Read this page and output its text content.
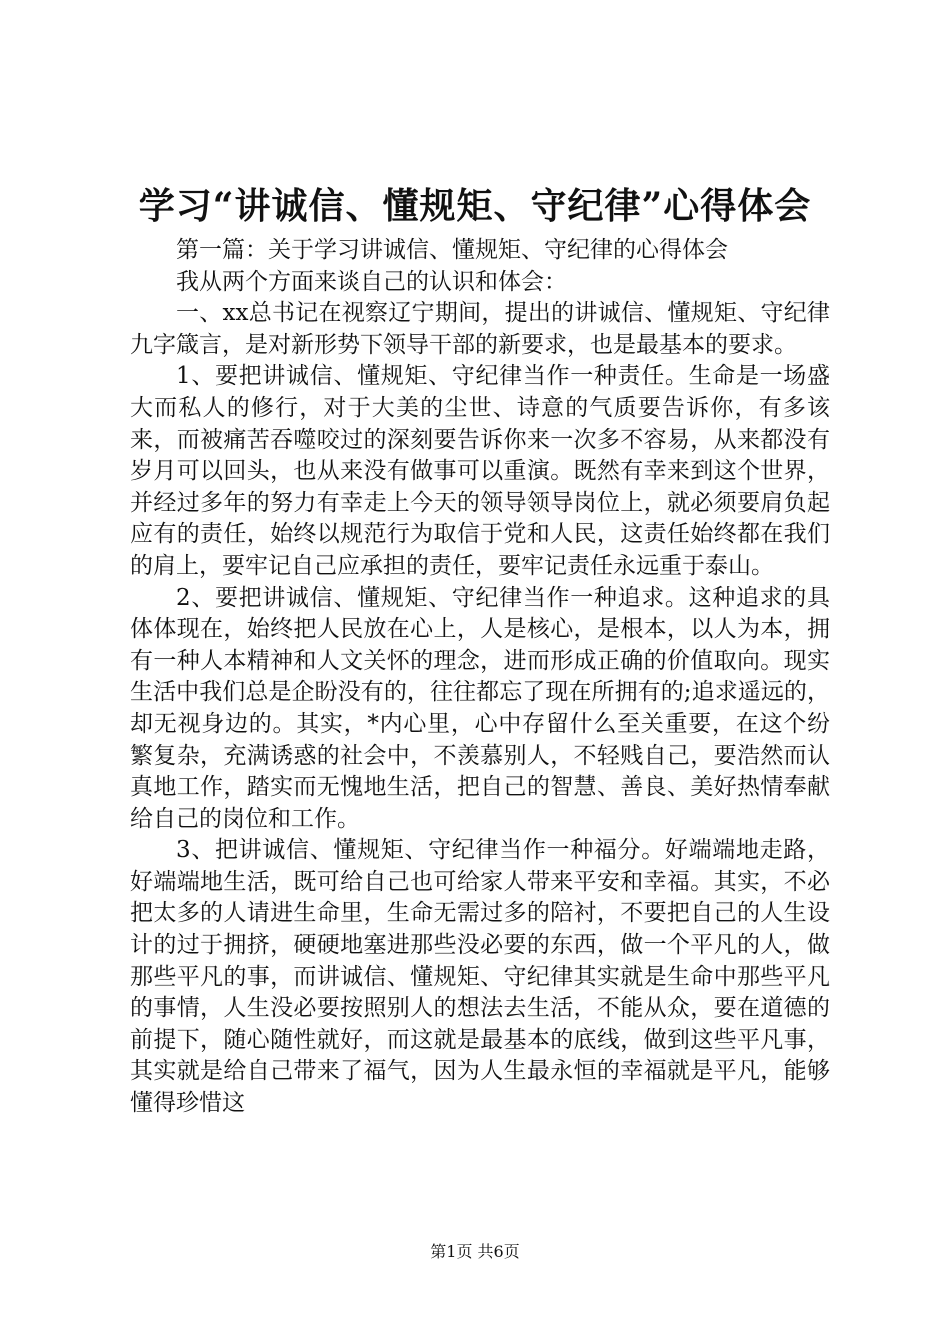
学习“讲诚信、懂规矩、守纪律”心得体会

第一篇：关于学习讲诚信、懂规矩、守纪律的心得体会

我从两个方面来谈自己的认识和体会：

一、xx总书记在视察辽宁期间，提出的讲诚信、懂规矩、守纪律九字箴言，是对新形势下领导干部的新要求，也是最基本的要求。

1、要把讲诚信、懂规矩、守纪律当作一种责任。生命是一场盛大而私人的修行，对于大美的尘世、诗意的气质要告诉你，有多该来，而被痛苦吞噬咬过的深刻要告诉你来一次多不容易，从来都没有岁月可以回头，也从来没有做事可以重演。既然有幸来到这个世界，并经过多年的努力有幸走上今天的领导领导岗位上，就必须要肩负起应有的责任，始终以规范行为取信于党和人民，这责任始终都在我们的肩上，要牢记自己应承担的责任，要牢记责任永远重于泰山。

2、要把讲诚信、懂规矩、守纪律当作一种追求。这种追求的具体体现在，始终把人民放在心上，人是核心，是根本，以人为本，拥有一种人本精神和人文关怀的理念，进而形成正确的价值取向。现实生活中我们总是企盼没有的，往往都忘了现在所拥有的;追求遥远的，却无视身边的。其实，*内心里，心中存留什么至关重要，在这个纷繁复杂，充满诱惑的社会中，不羡慕别人，不轻贱自己，要浩然而认真地工作，踏实而无愧地生活，把自己的智慧、善良、美好热情奉献给自己的岗位和工作。

3、把讲诚信、懂规矩、守纪律当作一种福分。好端端地走路，好端端地生活，既可给自己也可给家人带来平安和幸福。其实，不必把太多的人请进生命里，生命无需过多的陪衬，不要把自己的人生设计的过于拥挤，硬硬地塞进那些没必要的东西，做一个平凡的人，做那些平凡的事，而讲诚信、懂规矩、守纪律其实就是生命中那些平凡的事情，人生没必要按照别人的想法去生活，不能从众，要在道德的前提下，随心随性就好，而这就是最基本的底线，做到这些平凡事，其实就是给自己带来了福气，因为人生最永恒的幸福就是平凡，能够懂得珍惜这

第1页 共6页
